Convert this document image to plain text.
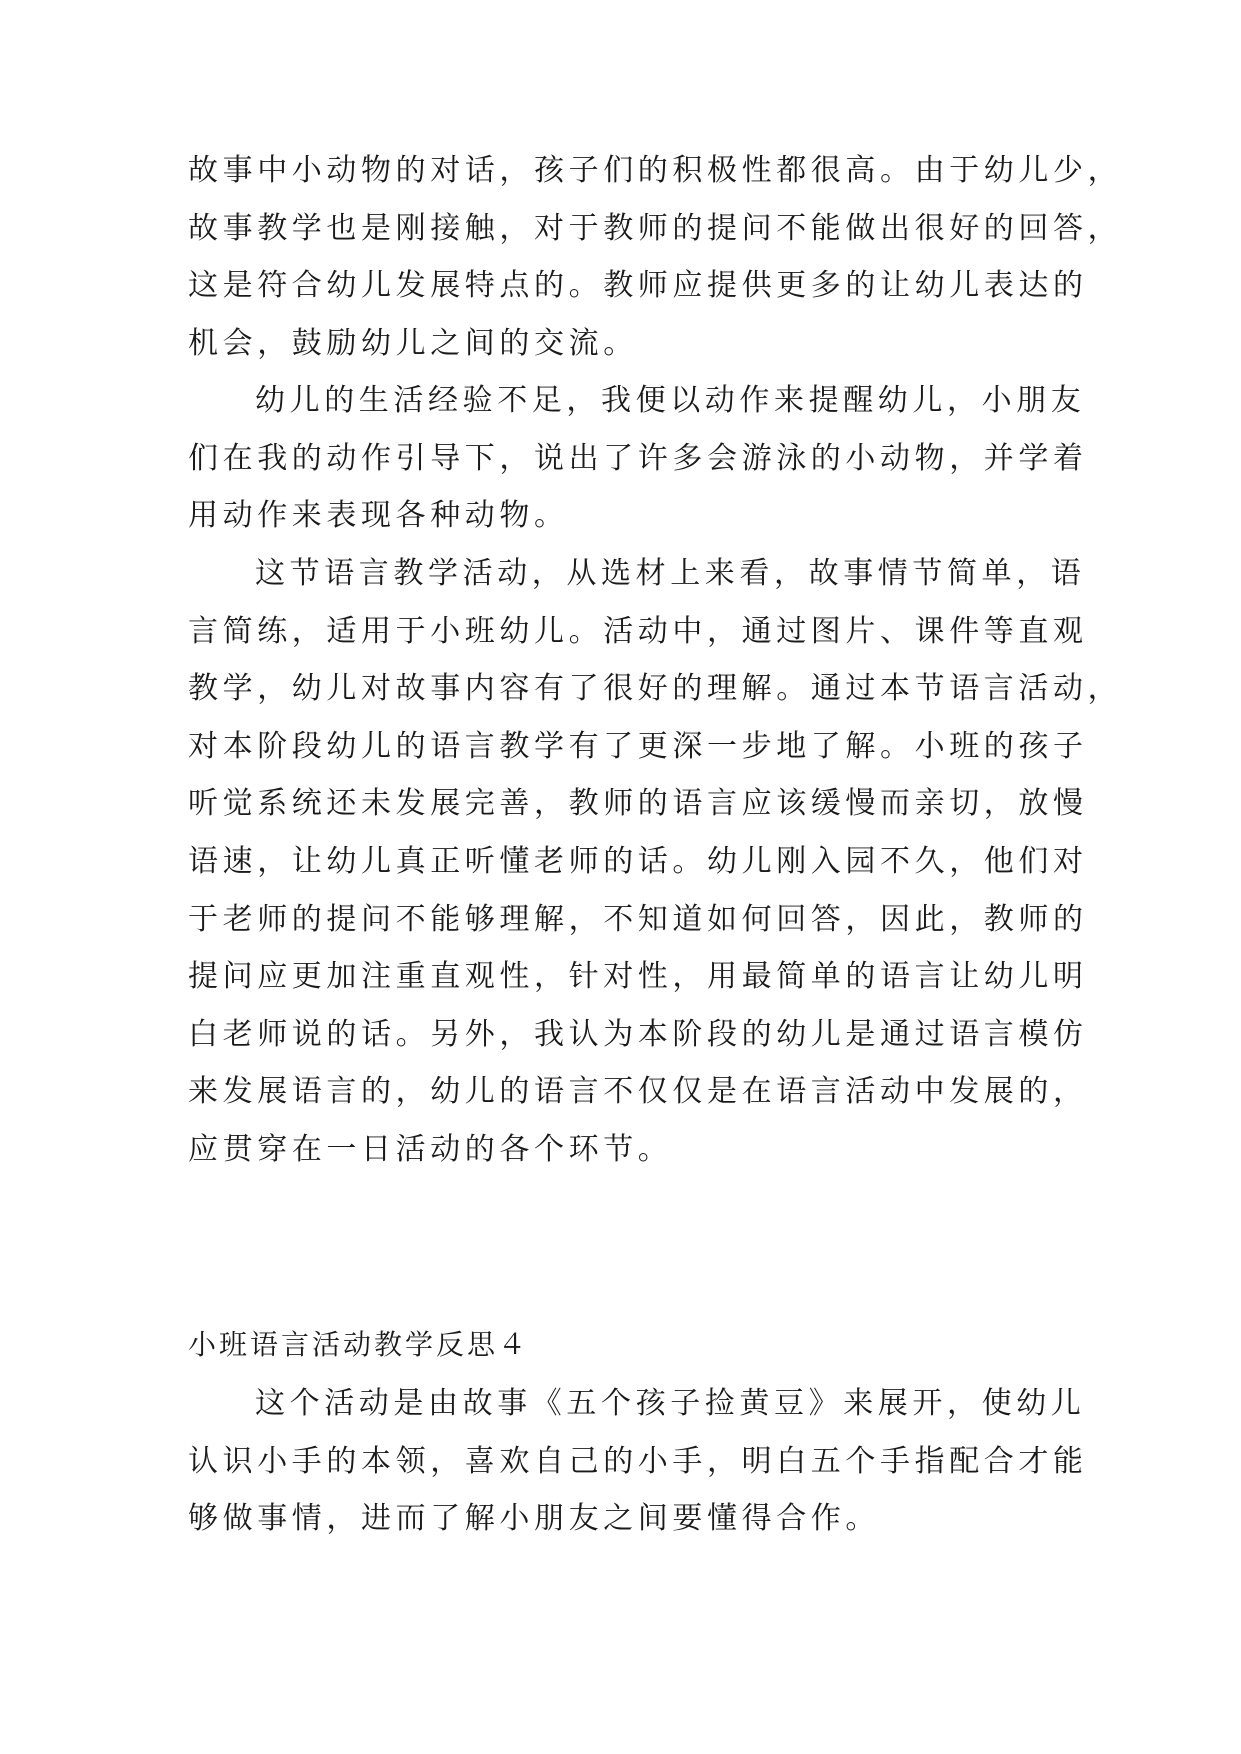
故事中小动物的对话，孩子们的积极性都很高。由于幼儿少，
故事教学也是刚接触，对于教师的提问不能做出很好的回答，
这是符合幼儿发展特点的。教师应提供更多的让幼儿表达的
机会，鼓励幼儿之间的交流。
幼儿的生活经验不足，我便以动作来提醒幼儿，小朋友
们在我的动作引导下，说出了许多会游泳的小动物，并学着
用动作来表现各种动物。
这节语言教学活动，从选材上来看，故事情节简单，语
言简练，适用于小班幼儿。活动中，通过图片、课件等直观
教学，幼儿对故事内容有了很好的理解。通过本节语言活动，
对本阶段幼儿的语言教学有了更深一步地了解。小班的孩子
听觉系统还未发展完善，教师的语言应该缓慢而亲切，放慢
语速，让幼儿真正听懂老师的话。幼儿刚入园不久，他们对
于老师的提问不能够理解，不知道如何回答，因此，教师的
提问应更加注重直观性，针对性，用最简单的语言让幼儿明
白老师说的话。另外，我认为本阶段的幼儿是通过语言模仿
来发展语言的，幼儿的语言不仅仅是在语言活动中发展的，
应贯穿在一日活动的各个环节。
小班语言活动教学反思４
这个活动是由故事《五个孩子捡黄豆》来展开，使幼儿
认识小手的本领，喜欢自己的小手，明白五个手指配合才能
够做事情，进而了解小朋友之间要懂得合作。
